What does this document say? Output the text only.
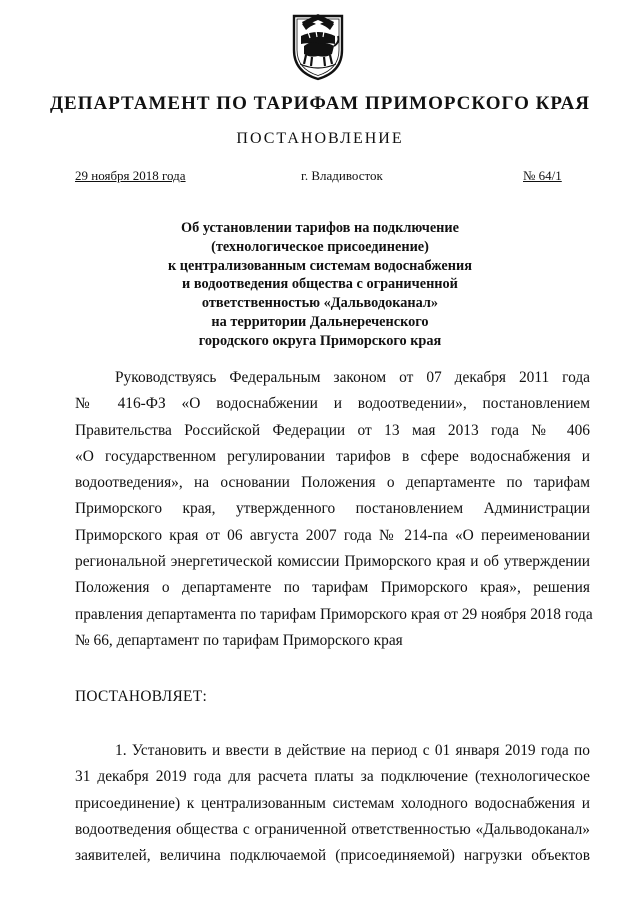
ДЕПАРТАМЕНТ ПО ТАРИФАМ ПРИМОРСКОГО КРАЯ
ПОСТАНОВЛЕНИЕ
29 ноября 2018 года	г. Владивосток	№ 64/1
Об установлении тарифов на подключение
(технологическое присоединение)
к централизованным системам водоснабжения
и водоотведения общества с ограниченной
ответственностью «Дальводоканал»
на территории Дальнереченского
городского округа Приморского края
Руководствуясь Федеральным законом от 07 декабря 2011 года
№ 416-ФЗ «О водоснабжении и водоотведении», постановлением
Правительства Российской Федерации от 13 мая 2013 года № 406
«О государственном регулировании тарифов в сфере водоснабжения и
водоотведения», на основании Положения о департаменте по тарифам
Приморского края, утвержденного постановлением Администрации
Приморского края от 06 августа 2007 года № 214-па «О переименовании
региональной энергетической комиссии Приморского края и об утверждении
Положения о департаменте по тарифам Приморского края», решения
правления департамента по тарифам Приморского края от 29 ноября 2018 года
№ 66, департамент по тарифам Приморского края
ПОСТАНОВЛЯЕТ:
1. Установить и ввести в действие на период с 01 января 2019 года по
31 декабря 2019 года для расчета платы за подключение (технологическое
присоединение) к централизованным системам холодного водоснабжения и
водоотведения общества с ограниченной ответственностью «Дальводоканал»
заявителей, величина подключаемой (присоединяемой) нагрузки объектов
